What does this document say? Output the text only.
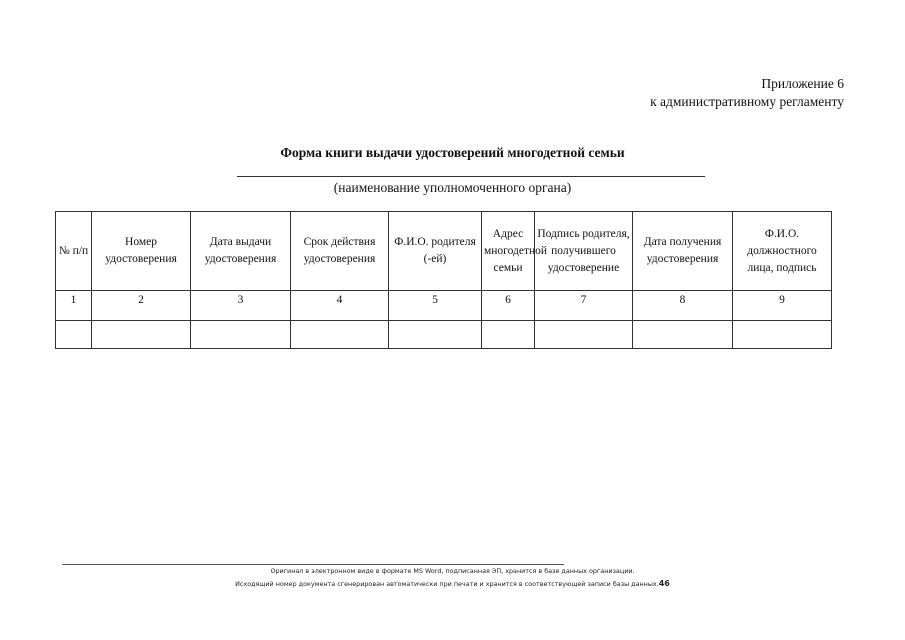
Приложение 6
к административному регламенту
Форма книги выдачи удостоверений многодетной семьи
(наименование уполномоченного органа)
№ п/п	Номер удостоверения	Дата выдачи удостоверения	Срок действия удостоверения	Ф.И.О. родителя (-ей)	Адрес многодетной семьи	Подпись родителя, получившего удостоверение	Дата получения удостоверения	Ф.И.О. должностного лица, подпись
1	2	3	4	5	6	7	8	9

Оригинал в электронном виде в формате MS Word, подписанная ЭП, хранится в базе данных организации.
Исходящий номер документа сгенерирован автоматически при печати и хранится в соответствующей записи базы данных.46
